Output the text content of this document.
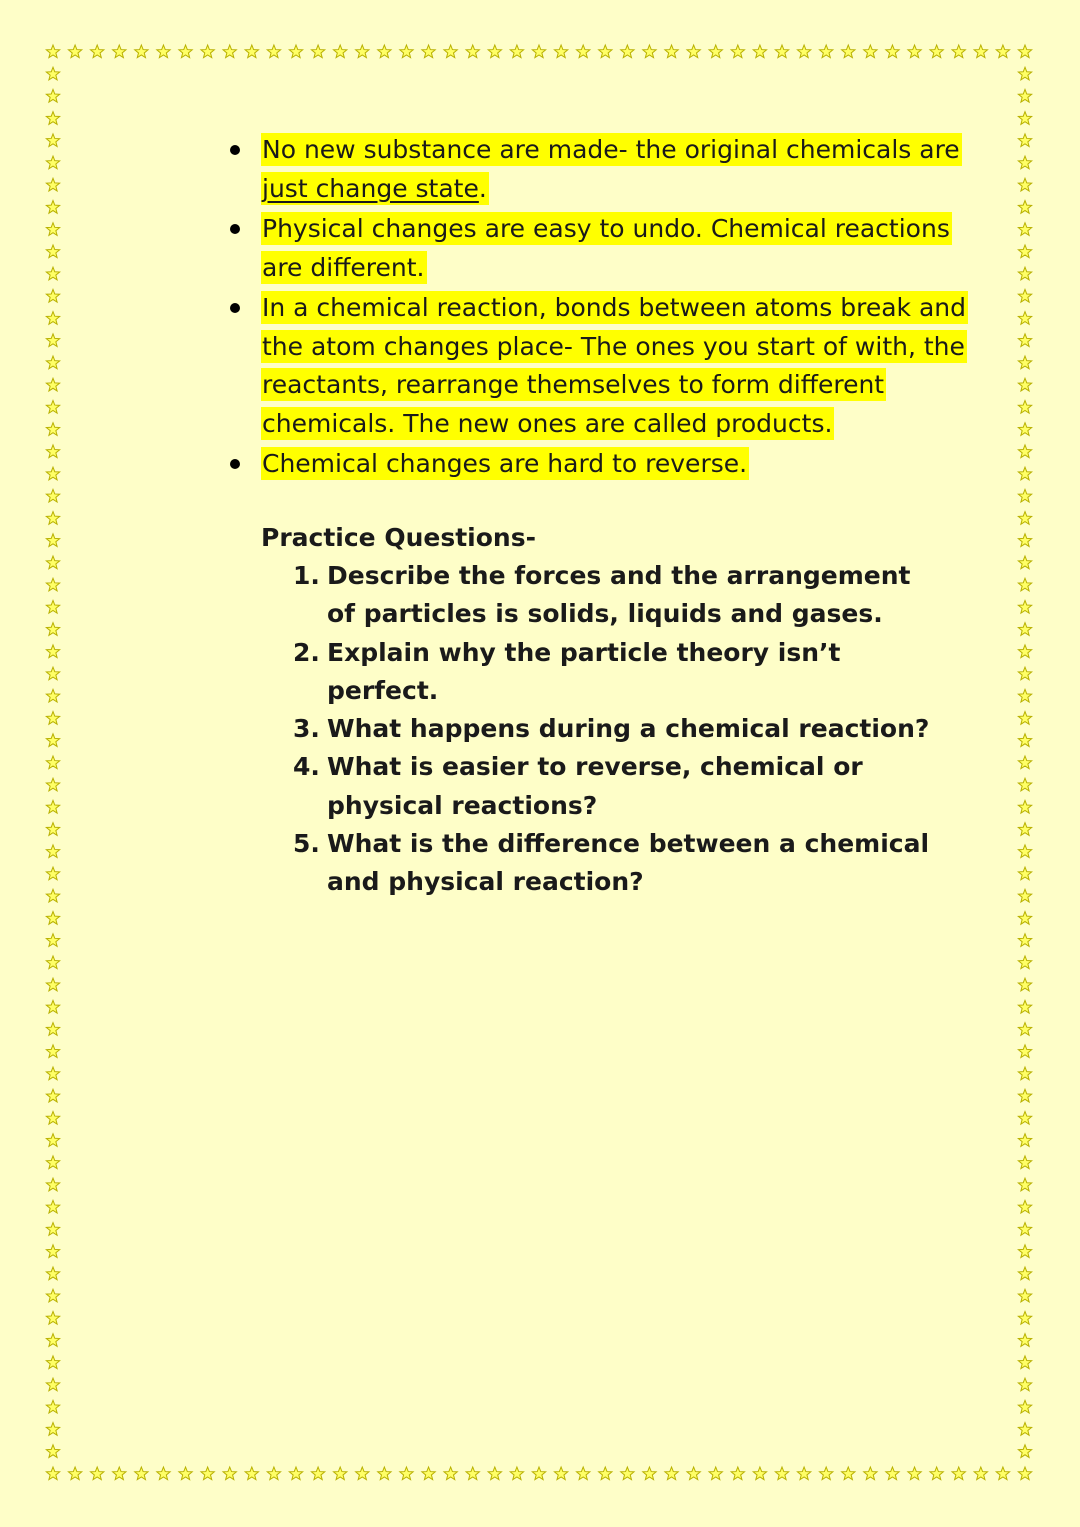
No new substance are made- the original chemicals are just change state.
Physical changes are easy to undo. Chemical reactions are different.
In a chemical reaction, bonds between atoms break and the atom changes place- The ones you start of with, the reactants, rearrange themselves to form different chemicals. The new ones are called products.
Chemical changes are hard to reverse.

Practice Questions-

1. Describe the forces and the arrangement of particles is solids, liquids and gases.
2. Explain why the particle theory isn’t perfect.
3. What happens during a chemical reaction?
4. What is easier to reverse, chemical or physical reactions?
5. What is the difference between a chemical and physical reaction?
